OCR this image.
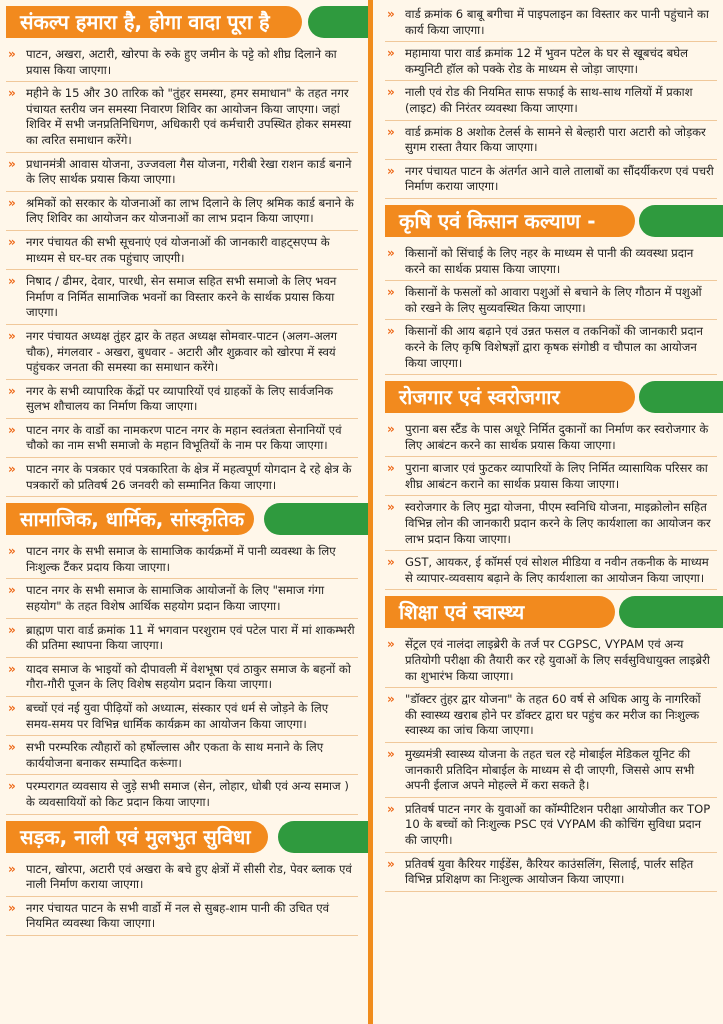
संकल्प हमारा है, होगा वादा पूरा है
» पाटन, अखरा, अटारी, खोरपा के रुके हुए जमीन के पट्टे को शीघ्र दिलाने का प्रयास किया जाएगा।
» महीने के 15 और 30 तारिक को "तुंहर समस्या, हमर समाधान" के तहत नगर पंचायत स्तरीय जन समस्या निवारण शिविर का आयोजन किया जाएगा। जहां शिविर में सभी जनप्रतिनिधिगण, अधिकारी एवं कर्मचारी उपस्थित होकर समस्या का त्वरित समाधान करेंगे।
» प्रधानमंत्री आवास योजना, उज्जवला गैस योजना, गरीबी रेखा राशन कार्ड बनाने के लिए सार्थक प्रयास किया जाएगा।
» श्रमिकों को सरकार के योजनाओं का लाभ दिलाने के लिए श्रमिक कार्ड बनाने के लिए शिविर का आयोजन कर योजनाओं का लाभ प्रदान किया जाएगा।
» नगर पंचायत की सभी सूचनाएं एवं योजनाओं की जानकारी वाहट्सएप्प के माध्यम से घर-घर तक पहुंचाए जाएगी।
» निषाद / ढीमर, देवार, पारधी, सेन समाज सहित सभी समाजो के लिए भवन निर्माण व निर्मित सामाजिक भवनों का विस्तार करने के सार्थक प्रयास किया जाएगा।
» नगर पंचायत अध्यक्ष तुंहर द्वार के तहत अध्यक्ष सोमवार-पाटन (अलग-अलग चौक), मंगलवार - अखरा, बुधवार - अटारी और शुक्रवार को खोरपा में स्वयं पहुंचकर जनता की समस्या का समाधान करेंगे।
» नगर के सभी व्यापारिक केंद्रों पर व्यापारियों एवं ग्राहकों के लिए सार्वजनिक सुलभ शौचालय का निर्माण किया जाएगा।
» पाटन नगर के वार्डो का नामकरण पाटन नगर के महान स्वतंत्रता सेनानियों एवं चौको का नाम सभी समाजो के महान विभूतियों के नाम पर किया जाएगा।
» पाटन नगर के पत्रकार एवं पत्रकारिता के क्षेत्र में महत्वपूर्ण योगदान दे रहे क्षेत्र के पत्रकारों को प्रतिवर्ष 26 जनवरी को सम्मानित किया जाएगा।
सामाजिक, धार्मिक, सांस्कृतिक
» पाटन नगर के सभी समाज के सामाजिक कार्यक्रमों में पानी व्यवस्था के लिए निःशुल्क टैंकर प्रदाय किया जाएगा।
» पाटन नगर के सभी समाज के सामाजिक आयोजनों के लिए "समाज गंगा सहयोग" के तहत विशेष आर्थिक सहयोग प्रदान किया जाएगा।
» ब्राह्मण पारा वार्ड क्रमांक 11 में भगवान परशुराम एवं पटेल पारा में मां शाकम्भरी की प्रतिमा स्थापना किया जाएगा।
» यादव समाज के भाइयों को दीपावली में वेशभूषा एवं ठाकुर समाज के बहनों को गौरा-गौरी पूजन के लिए विशेष सहयोग प्रदान किया जाएगा।
» बच्चों एवं नई युवा पीढ़ियों को अध्यात्म, संस्कार एवं धर्म से जोड़ने के लिए समय-समय पर विभिन्न धार्मिक कार्यक्रम का आयोजन किया जाएगा।
» सभी परम्परिक त्यौहारों को हर्षोल्लास और एकता के साथ मनाने के लिए कार्ययोजना बनाकर सम्पादित करूंगा।
» परम्परागत व्यवसाय से जुड़े सभी समाज (सेन, लोहार, धोबी एवं अन्य समाज ) के व्यवसायियों को किट प्रदान किया जाएगा।
सड़क, नाली एवं मुलभुत सुविधा
» पाटन, खोरपा, अटारी एवं अखरा के बचे हुए क्षेत्रों में सीसी रोड, पेवर ब्लाक एवं नाली निर्माण कराया जाएगा।
» नगर पंचायत पाटन के सभी वार्डो में नल से सुबह-शाम पानी की उचित एवं नियमित व्यवस्था किया जाएगा।
» वार्ड क्रमांक 6 बाबू बगीचा में पाइपलाइन का विस्तार कर पानी पहुंचाने का कार्य किया जाएगा।
» महामाया पारा वार्ड क्रमांक 12 में भुवन पटेल के घर से खूबचंद बघेल कम्युनिटी हॉल को पक्के रोड के माध्यम से जोड़ा जाएगा।
» नाली एवं रोड की नियमित साफ सफाई के साथ-साथ गलियों में प्रकाश (लाइट) की निरंतर व्यवस्था किया जाएगा।
» वार्ड क्रमांक 8 अशोक टेलर्स के सामने से बेल्हारी पारा अटारी को जोड़कर सुगम रास्ता तैयार किया जाएगा।
» नगर पंचायत पाटन के अंतर्गत आने वाले तालाबों का सौंदर्यीकरण एवं पचरी निर्माण कराया जाएगा।
कृषि एवं किसान कल्याण -
» किसानों को सिंचाई के लिए नहर के माध्यम से पानी की व्यवस्था प्रदान करने का सार्थक प्रयास किया जाएगा।
» किसानों के फसलों को आवारा पशुओं से बचाने के लिए गौठान में पशुओं को रखने के लिए सुव्यवस्थित किया जाएगा।
» किसानों की आय बढ़ाने एवं उन्नत फसल व तकनिकों की जानकारी प्रदान करने के लिए कृषि विशेषज्ञों द्वारा कृषक संगोष्ठी व चौपाल का आयोजन किया जाएगा।
रोजगार एवं स्वरोजगार
» पुराना बस स्टैंड के पास अधूरे निर्मित दुकानों का निर्माण कर स्वरोजगार के लिए आबंटन करने का सार्थक प्रयास किया जाएगा।
» पुराना बाजार एवं फुटकर व्यापारियों के लिए निर्मित व्यासायिक परिसर का शीघ्र आबंटन कराने का सार्थक प्रयास किया जाएगा।
» स्वरोजगार के लिए मुद्रा योजना, पीएम स्वनिधि योजना, माइक्रोलोन सहित विभिन्न लोन की जानकारी प्रदान करने के लिए कार्यशाला का आयोजन कर लाभ प्रदान किया जाएगा।
» GST, आयकर, ई कॉमर्स एवं सोशल मीडिया व नवीन तकनीक के माध्यम से व्यापार-व्यवसाय बढ़ाने के लिए कार्यशाला का आयोजन किया जाएगा।
शिक्षा एवं स्वास्थ्य
» सेंट्रल एवं नालंदा लाइब्रेरी के तर्ज पर CGPSC, VYPAM एवं अन्य प्रतियोगी परीक्षा की तैयारी कर रहे युवाओं के लिए सर्वसुविधायुक्त लाइब्रेरी का शुभारंभ किया जाएगा।
» "डॉक्टर तुंहर द्वार योजना" के तहत 60 वर्ष से अधिक आयु के नागरिकों की स्वास्थ्य खराब होने पर डॉक्टर द्वारा घर पहुंच कर मरीज का निःशुल्क स्वास्थ्य का जांच किया जाएगा।
» मुख्यमंत्री स्वास्थ्य योजना के तहत चल रहे मोबाईल मेडिकल यूनिट की जानकारी प्रतिदिन मोबाईल के माध्यम से दी जाएगी, जिससे आप सभी अपनी ईलाज अपने मोहल्ले में करा सकते है।
» प्रतिवर्ष पाटन नगर के युवाओं का कॉम्पीटिशन परीक्षा आयोजीत कर TOP 10 के बच्चों को निःशुल्क PSC एवं VYPAM की कोचिंग सुविधा प्रदान की जाएगी।
» प्रतिवर्ष युवा कैरियर गाईडेंस, कैरियर काउंसलिंग, सिलाई, पार्लर सहित विभिन्न प्रशिक्षण का निःशुल्क आयोजन किया जाएगा।
